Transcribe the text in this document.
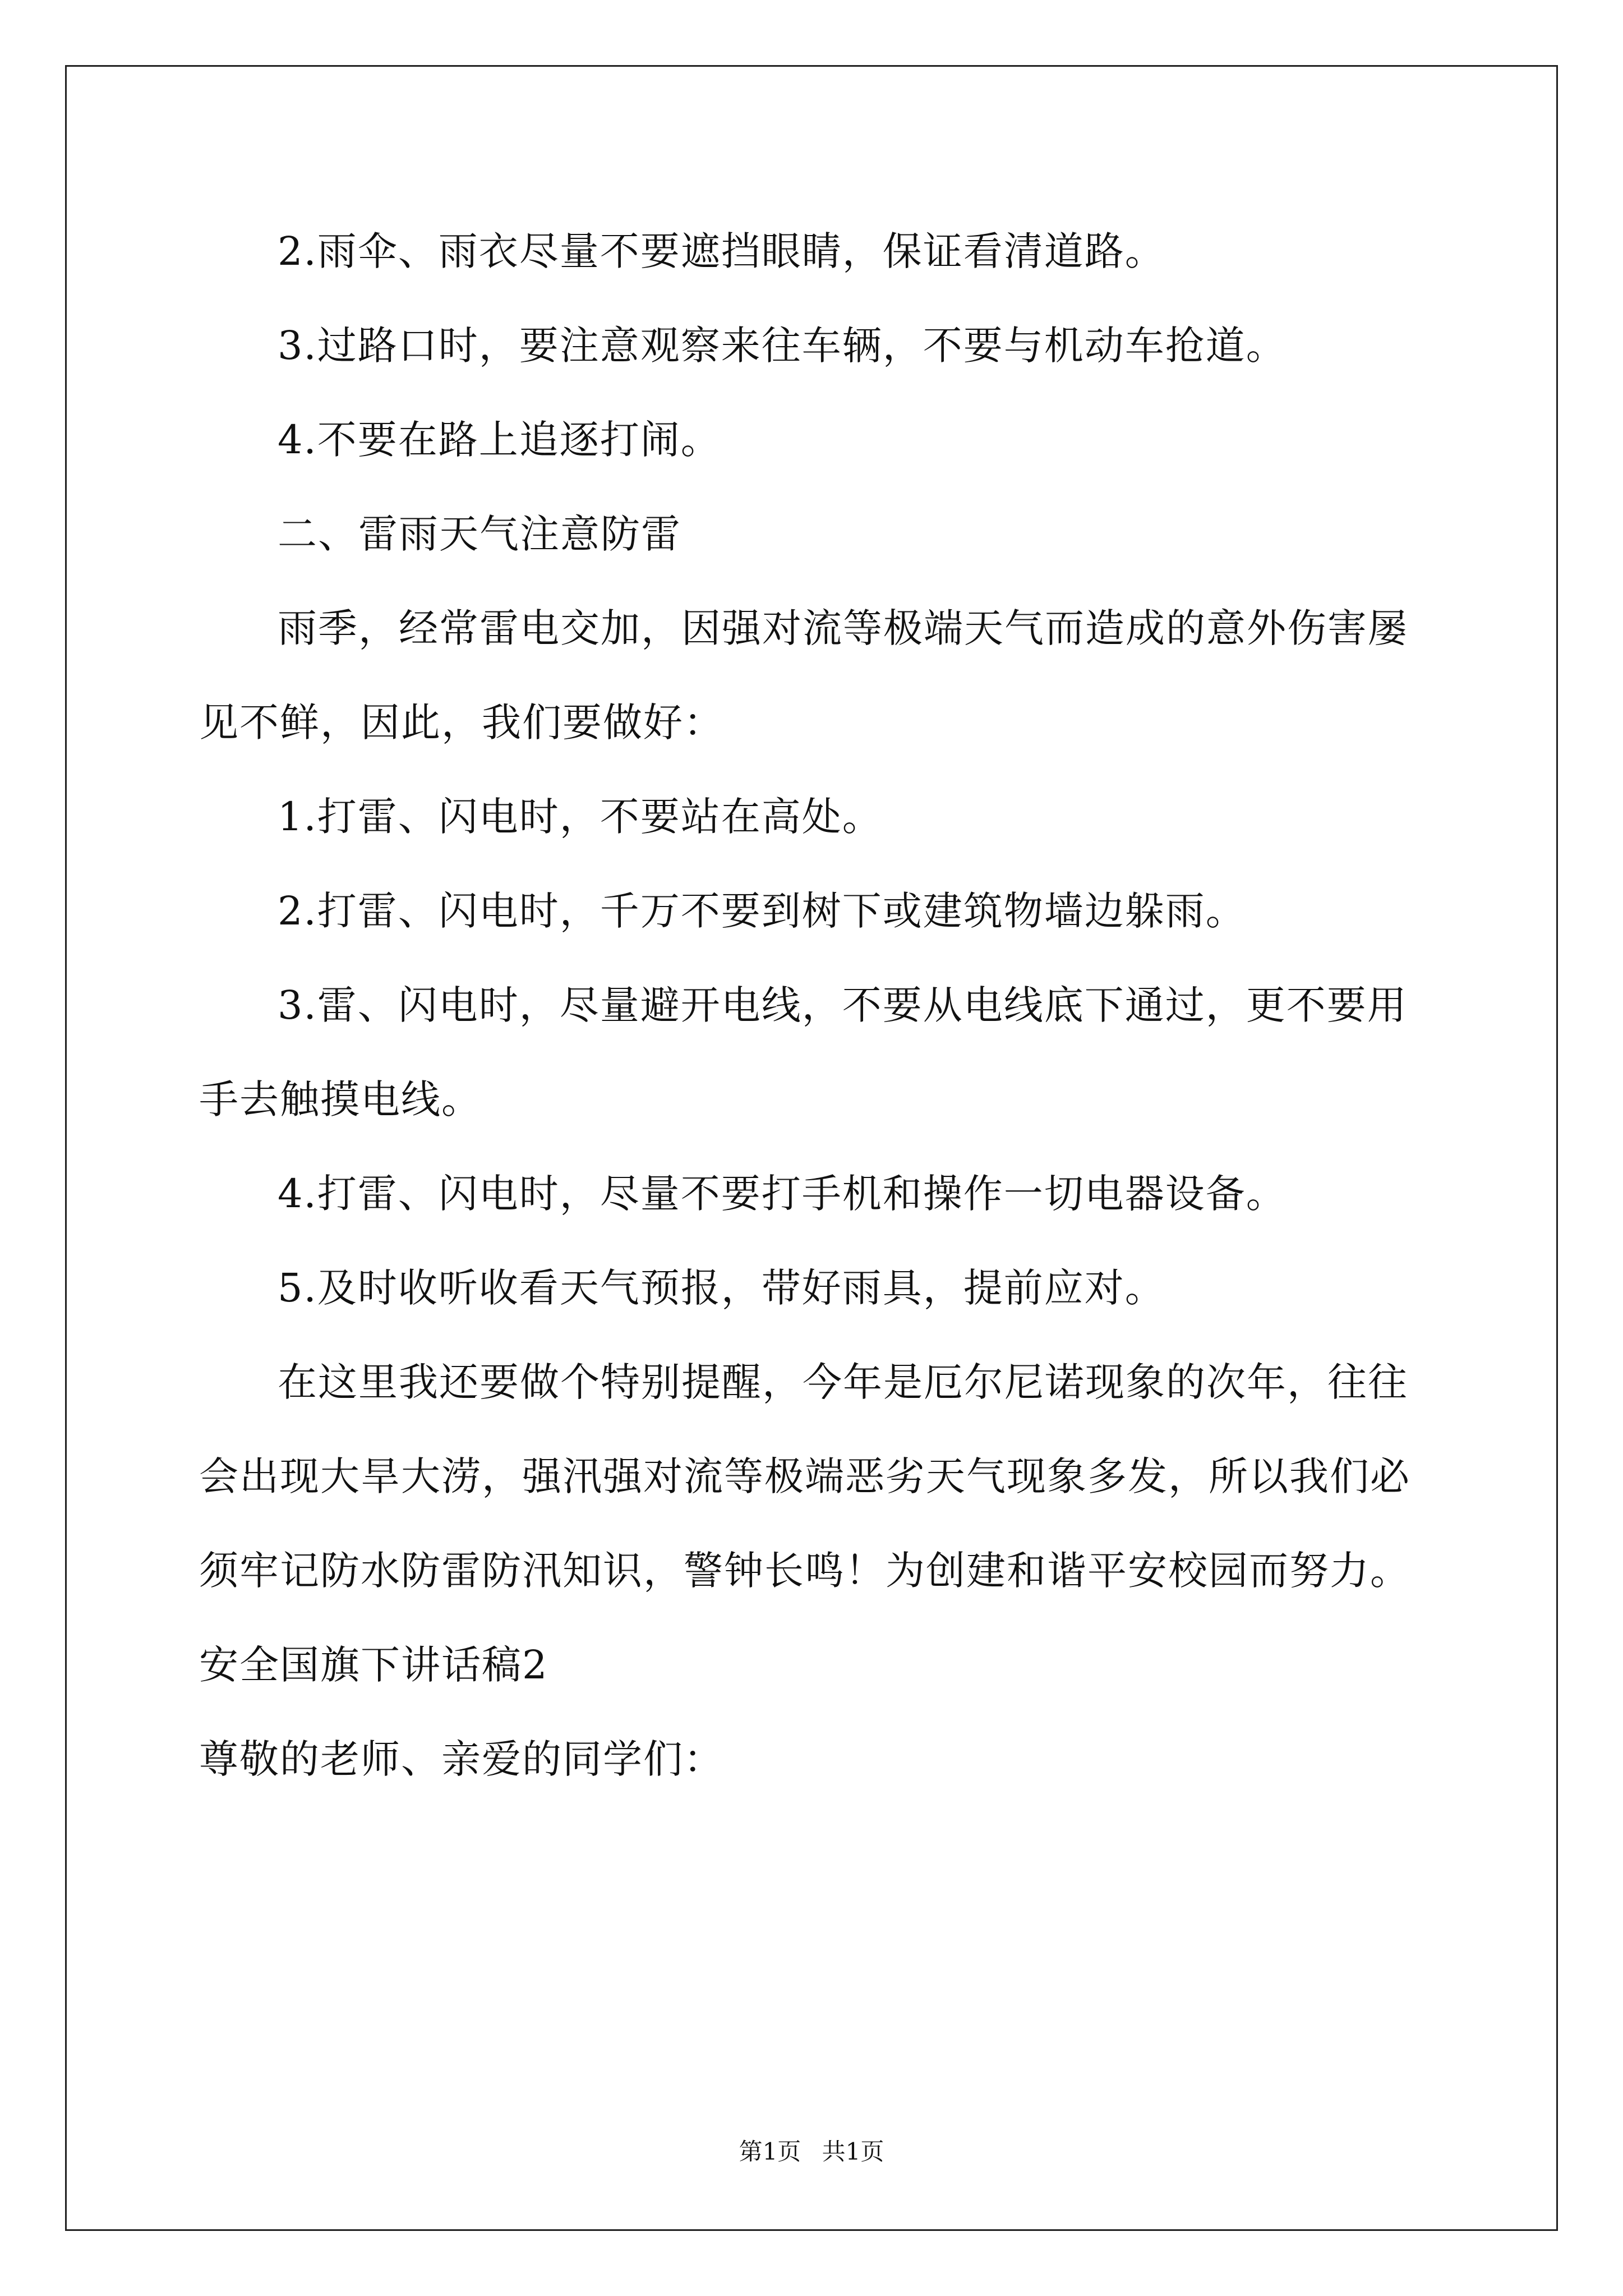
2.雨伞、雨衣尽量不要遮挡眼睛，保证看清道路。
3.过路口时，要注意观察来往车辆，不要与机动车抢道。
4.不要在路上追逐打闹。
二、雷雨天气注意防雷
雨季，经常雷电交加，因强对流等极端天气而造成的意外伤害屡
见不鲜，因此，我们要做好：
1.打雷、闪电时，不要站在高处。
2.打雷、闪电时，千万不要到树下或建筑物墙边躲雨。
3.雷、闪电时，尽量避开电线，不要从电线底下通过，更不要用
手去触摸电线。
4.打雷、闪电时，尽量不要打手机和操作一切电器设备。
5.及时收听收看天气预报，带好雨具，提前应对。
在这里我还要做个特别提醒，今年是厄尔尼诺现象的次年，往往
会出现大旱大涝，强汛强对流等极端恶劣天气现象多发，所以我们必
须牢记防水防雷防汛知识，警钟长鸣！为创建和谐平安校园而努力。
安全国旗下讲话稿2
尊敬的老师、亲爱的同学们：
第1页 共1页
